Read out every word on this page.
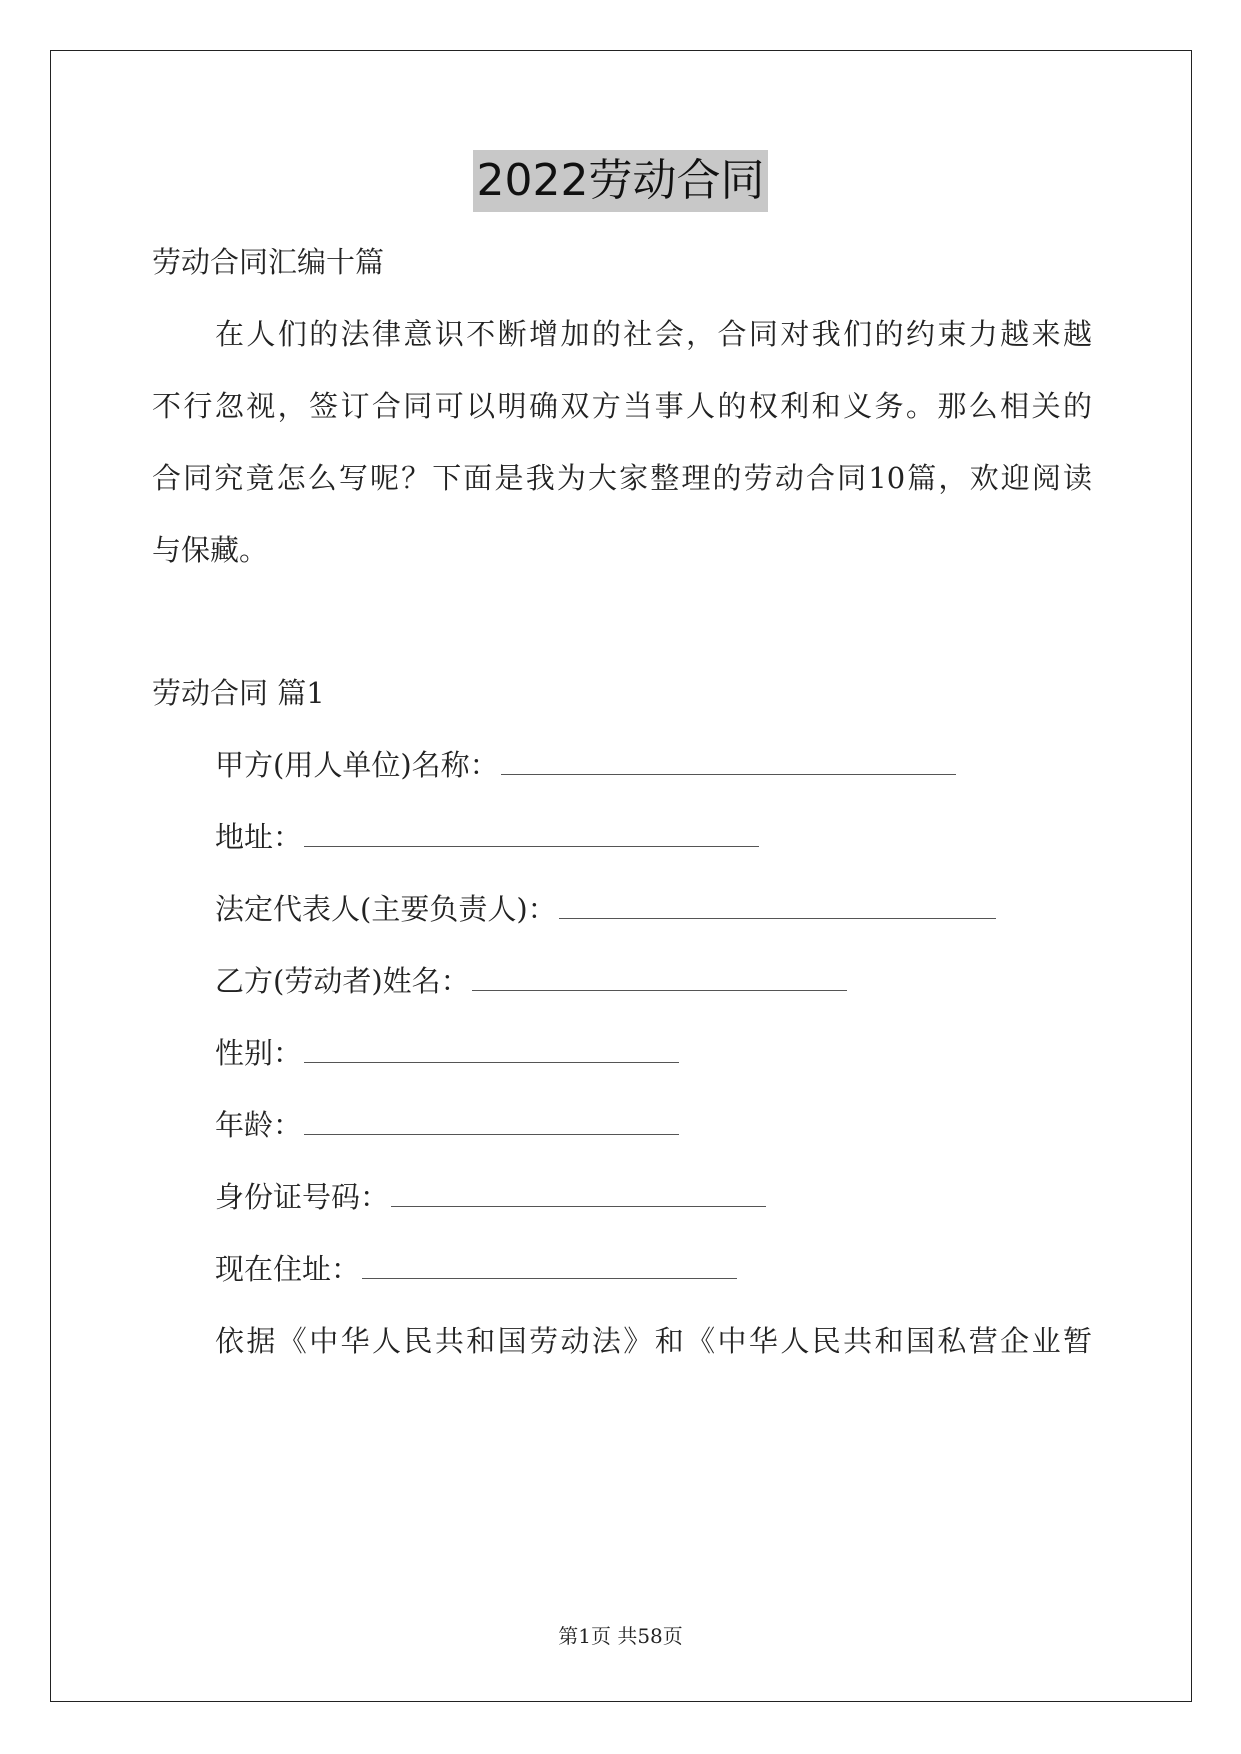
2022劳动合同
劳动合同汇编十篇
在人们的法律意识不断增加的社会，合同对我们的约束力越来越
不行忽视，签订合同可以明确双方当事人的权利和义务。那么相关的
合同究竟怎么写呢？下面是我为大家整理的劳动合同10篇，欢迎阅读
与保藏。
劳动合同 篇1
甲方(用人单位)名称：
地址：
法定代表人(主要负责人)：
乙方(劳动者)姓名：
性别：
年龄：
身份证号码：
现在住址：
依据《中华人民共和国劳动法》和《中华人民共和国私营企业暂
第1页 共58页
